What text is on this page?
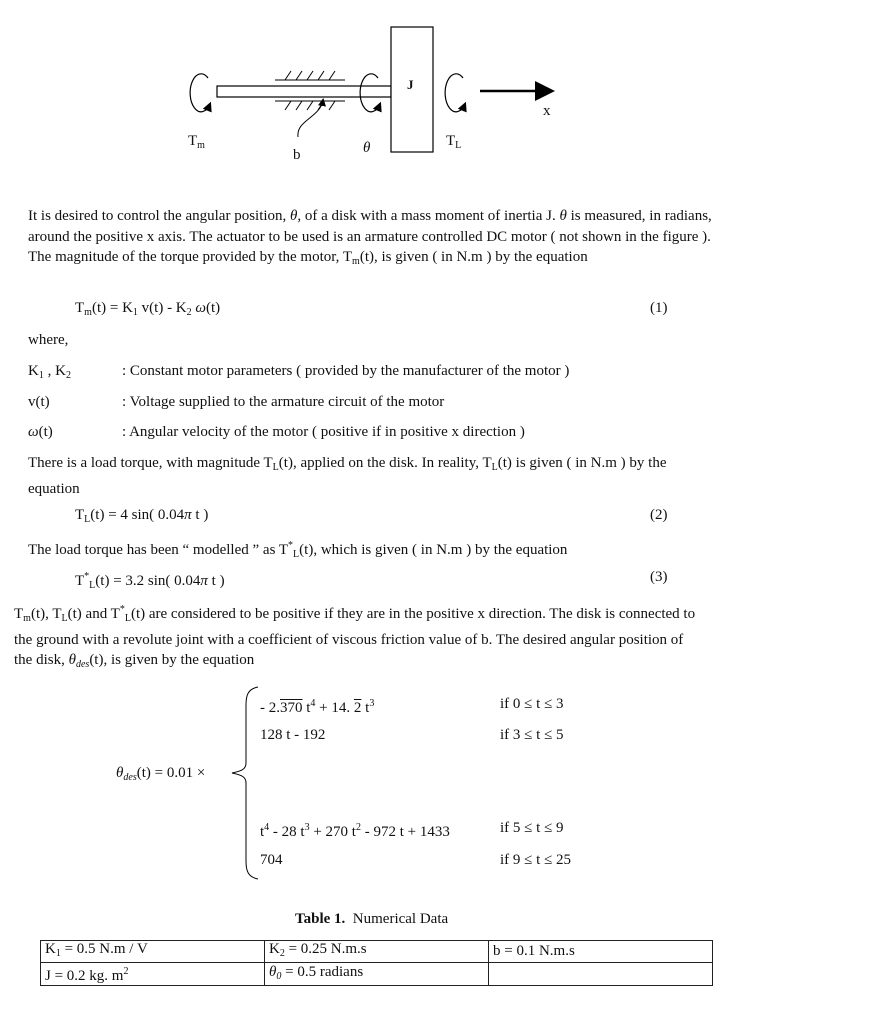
$T_m$
b	θ
J
$T_L$
x
It is desired to control the angular position, θ, of a disk with a mass moment of inertia J. θ is measured, in radians, around the positive x axis. The actuator to be used is an armature controlled DC motor ( not shown in the figure ). The magnitude of the torque provided by the motor, $T_m(t)$, is given ( in N.m ) by the equation
$T_m(t) = K_1$ $v(t) - K_2$ ω(t)	(1)
where,
$K_1$ , $K_2$	: Constant motor parameters ( provided by the manufacturer of the motor )
v(t)	: Voltage supplied to the armature circuit of the motor
ω(t)	: Angular velocity of the motor ( positive if in positive x direction )
There is a load torque, with magnitude $T_L(t)$, applied on the disk. In reality, $T_L(t)$ is given ( in N.m ) by the equation
$T_L(t) = 4$ sin( 0.04π t )	(2)
The load torque has been “ modelled ” as $T^*_L(t)$, which is given ( in N.m ) by the equation
$T^*_L(t) = 3.2$ sin( 0.04π t )	(3)
$T_m(t)$, $T_L(t)$ and $T^*_L(t)$ are considered to be positive if they are in the positive x direction. The disk is connected to the ground with a revolute joint with a coefficient of viscous friction value of b. The desired angular position of the disk, $\theta_{des}(t)$, is given by the equation
$\theta_{des}(t) = 0.01$ ×
- 2.370 $t^4 + 14$. 2 $t^3$	if 0 ≤ t ≤ 3
128 t - 192	if 3 ≤ t ≤ 5
$t^4 - 28$ $t^3 + 270$ $t^2 - 972$ t + 1433	if 5 ≤ t ≤ 9
704	if 9 ≤ t ≤ 25
Table 1. Numerical Data
$K_1 = 0.5$ N.m / V	$K_2 = 0.25$ N.m.s	b = 0.1 N.m.s
J = 0.2 kg. $m^2$	$\theta_0 = 0.5$ radians	
